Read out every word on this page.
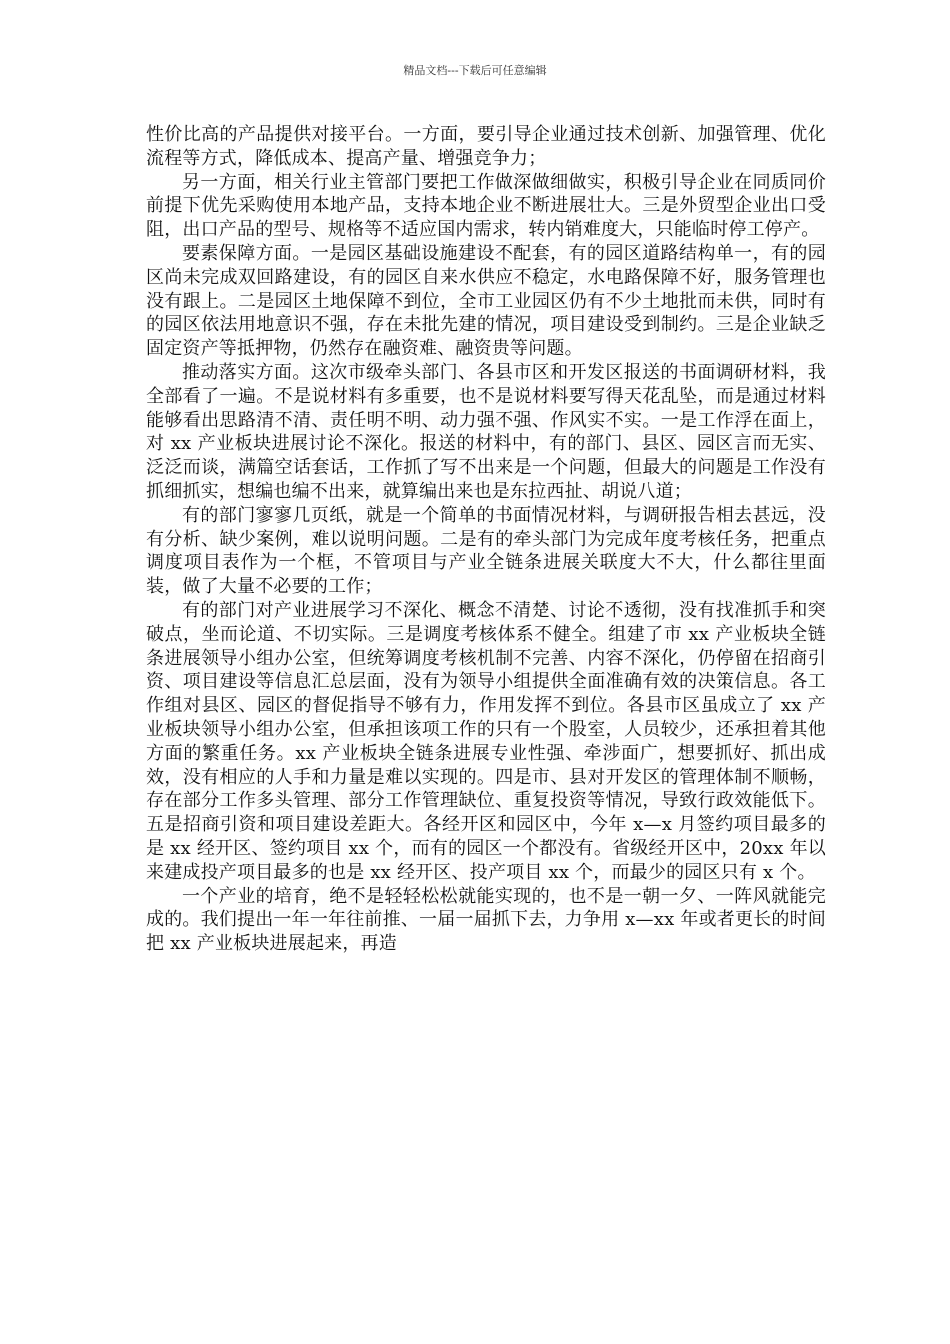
精品文档---下载后可任意编辑

性价比高的产品提供对接平台。一方面，要引导企业通过技术创新、加强管理、优化流程等方式，降低成本、提高产量、增强竞争力；

另一方面，相关行业主管部门要把工作做深做细做实，积极引导企业在同质同价前提下优先采购使用本地产品，支持本地企业不断进展壮大。三是外贸型企业出口受阻，出口产品的型号、规格等不适应国内需求，转内销难度大，只能临时停工停产。

要素保障方面。一是园区基础设施建设不配套，有的园区道路结构单一，有的园区尚未完成双回路建设，有的园区自来水供应不稳定，水电路保障不好，服务管理也没有跟上。二是园区土地保障不到位，全市工业园区仍有不少土地批而未供，同时有的园区依法用地意识不强，存在未批先建的情况，项目建设受到制约。三是企业缺乏固定资产等抵押物，仍然存在融资难、融资贵等问题。

推动落实方面。这次市级牵头部门、各县市区和开发区报送的书面调研材料，我全部看了一遍。不是说材料有多重要，也不是说材料要写得天花乱坠，而是通过材料能够看出思路清不清、责任明不明、动力强不强、作风实不实。一是工作浮在面上，对 xx 产业板块进展讨论不深化。报送的材料中，有的部门、县区、园区言而无实、泛泛而谈，满篇空话套话，工作抓了写不出来是一个问题，但最大的问题是工作没有抓细抓实，想编也编不出来，就算编出来也是东拉西扯、胡说八道；

有的部门寥寥几页纸，就是一个简单的书面情况材料，与调研报告相去甚远，没有分析、缺少案例，难以说明问题。二是有的牵头部门为完成年度考核任务，把重点调度项目表作为一个框，不管项目与产业全链条进展关联度大不大，什么都往里面装，做了大量不必要的工作；

有的部门对产业进展学习不深化、概念不清楚、讨论不透彻，没有找准抓手和突破点，坐而论道、不切实际。三是调度考核体系不健全。组建了市 xx 产业板块全链条进展领导小组办公室，但统筹调度考核机制不完善、内容不深化，仍停留在招商引资、项目建设等信息汇总层面，没有为领导小组提供全面准确有效的决策信息。各工作组对县区、园区的督促指导不够有力，作用发挥不到位。各县市区虽成立了 xx 产业板块领导小组办公室，但承担该项工作的只有一个股室，人员较少，还承担着其他方面的繁重任务。xx 产业板块全链条进展专业性强、牵涉面广，想要抓好、抓出成效，没有相应的人手和力量是难以实现的。四是市、县对开发区的管理体制不顺畅，存在部分工作多头管理、部分工作管理缺位、重复投资等情况，导致行政效能低下。五是招商引资和项目建设差距大。各经开区和园区中，今年 x—x 月签约项目最多的是 xx 经开区、签约项目 xx 个，而有的园区一个都没有。省级经开区中，20xx 年以来建成投产项目最多的也是 xx 经开区、投产项目 xx 个，而最少的园区只有 x 个。

一个产业的培育，绝不是轻轻松松就能实现的，也不是一朝一夕、一阵风就能完成的。我们提出一年一年往前推、一届一届抓下去，力争用 x—xx 年或者更长的时间把 xx 产业板块进展起来，再造
